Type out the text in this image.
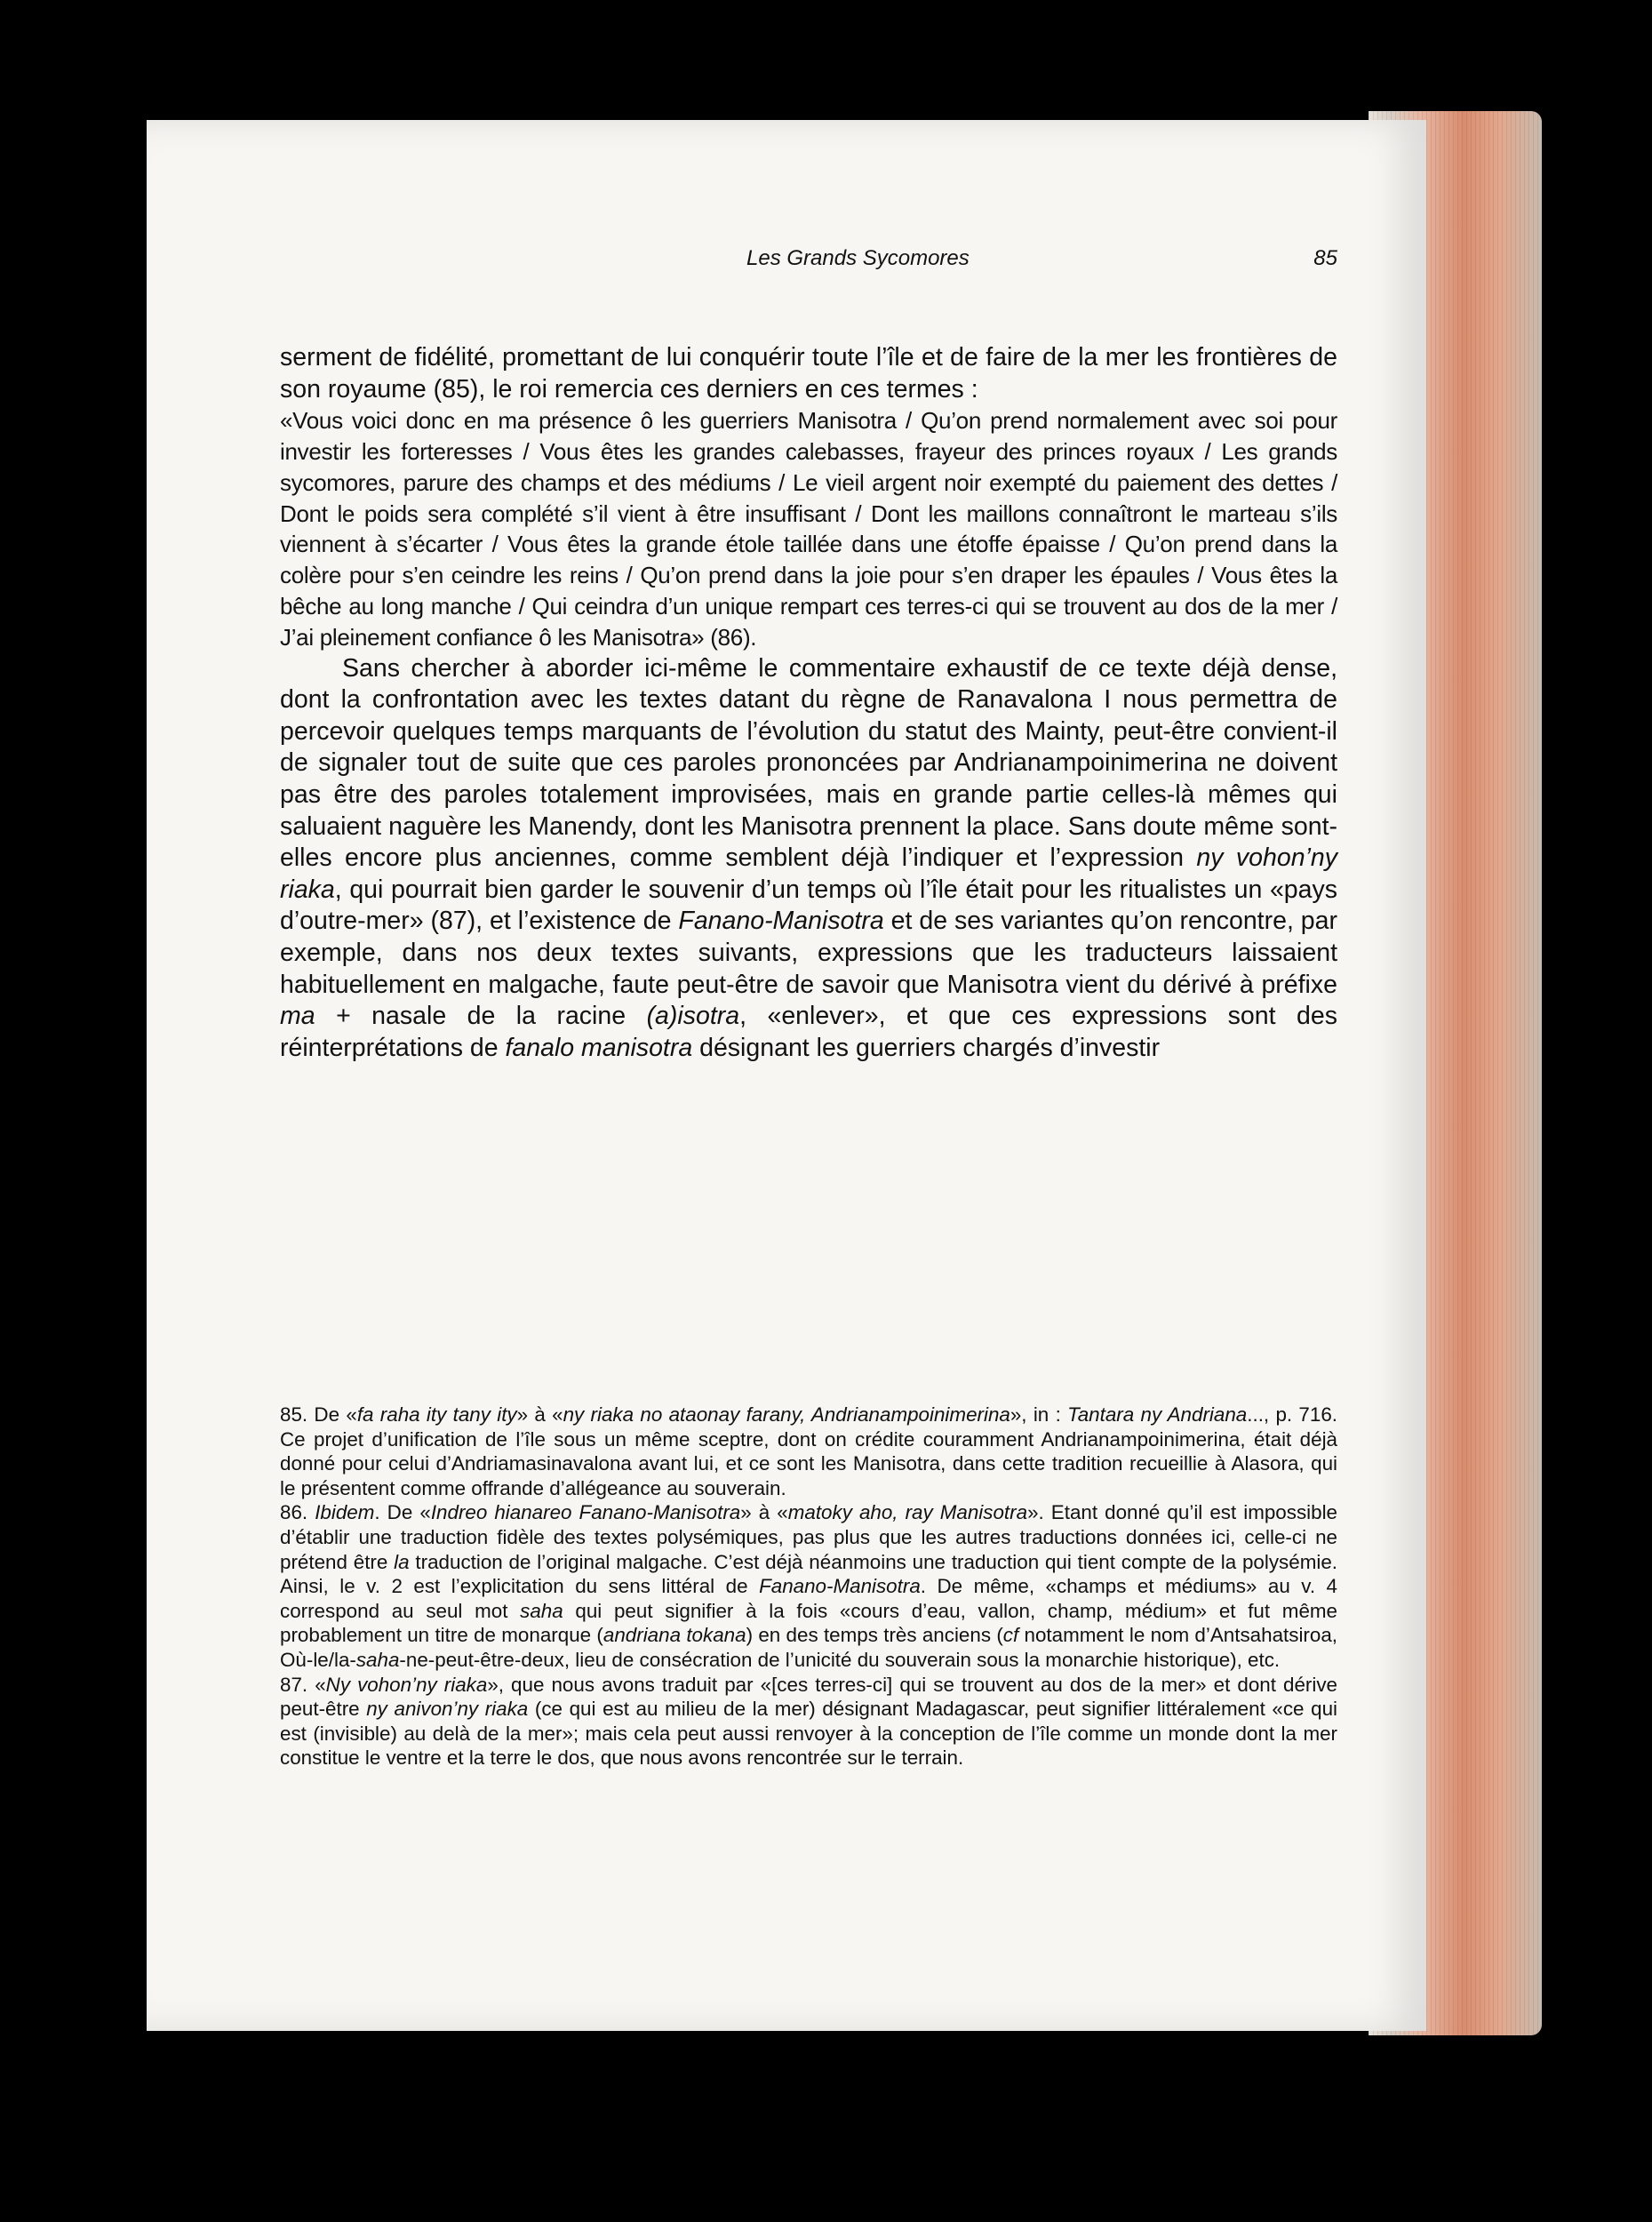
Les Grands Sycomores	85

serment de fidélité, promettant de lui conquérir toute l’île et de faire de la mer les frontières de son royaume (85), le roi remercia ces derniers en ces termes :

«Vous voici donc en ma présence ô les guerriers Manisotra / Qu’on prend normalement avec soi pour investir les forteresses / Vous êtes les grandes calebasses, frayeur des princes royaux / Les grands sycomores, parure des champs et des médiums / Le vieil argent noir exempté du paiement des dettes / Dont le poids sera complété s’il vient à être insuffisant / Dont les maillons connaîtront le marteau s’ils viennent à s’écarter / Vous êtes la grande étole taillée dans une étoffe épaisse / Qu’on prend dans la colère pour s’en ceindre les reins / Qu’on prend dans la joie pour s’en draper les épaules / Vous êtes la bêche au long manche / Qui ceindra d’un unique rempart ces terres-ci qui se trouvent au dos de la mer / J’ai pleinement confiance ô les Manisotra» (86).

Sans chercher à aborder ici-même le commentaire exhaustif de ce texte déjà dense, dont la confrontation avec les textes datant du règne de Ranavalona I nous permettra de percevoir quelques temps marquants de l’évolution du statut des Mainty, peut-être convient-il de signaler tout de suite que ces paroles prononcées par Andrianampoinimerina ne doivent pas être des paroles totalement improvisées, mais en grande partie celles-là mêmes qui saluaient naguère les Manendy, dont les Manisotra prennent la place. Sans doute même sont-elles encore plus anciennes, comme semblent déjà l’indiquer et l’expression ny vohon’ny riaka, qui pourrait bien garder le souvenir d’un temps où l’île était pour les ritualistes un «pays d’outre-mer» (87), et l’existence de Fanano-Manisotra et de ses variantes qu’on rencontre, par exemple, dans nos deux textes suivants, expressions que les traducteurs laissaient habituellement en malgache, faute peut-être de savoir que Manisotra vient du dérivé à préfixe ma + nasale de la racine (a)isotra, «enlever», et que ces expressions sont des réinterprétations de fanalo manisotra désignant les guerriers chargés d’investir

85. De «fa raha ity tany ity» à «ny riaka no ataonay farany, Andrianampoinimerina», in : Tantara ny Andriana..., p. 716. Ce projet d’unification de l’île sous un même sceptre, dont on crédite couramment Andrianampoinimerina, était déjà donné pour celui d’Andriamasinavalona avant lui, et ce sont les Manisotra, dans cette tradition recueillie à Alasora, qui le présentent comme offrande d’allégeance au souverain.

86. Ibidem. De «Indreo hianareo Fanano-Manisotra» à «matoky aho, ray Manisotra». Etant donné qu’il est impossible d’établir une traduction fidèle des textes polysémiques, pas plus que les autres traductions données ici, celle-ci ne prétend être la traduction de l’original malgache. C’est déjà néanmoins une traduction qui tient compte de la polysémie. Ainsi, le v. 2 est l’explicitation du sens littéral de Fanano-Manisotra. De même, «champs et médiums» au v. 4 correspond au seul mot saha qui peut signifier à la fois «cours d’eau, vallon, champ, médium» et fut même probablement un titre de monarque (andriana tokana) en des temps très anciens (cf notamment le nom d’Antsahatsiroa, Où-le/la-saha-ne-peut-être-deux, lieu de consécration de l’unicité du souverain sous la monarchie historique), etc.

87. «Ny vohon’ny riaka», que nous avons traduit par «[ces terres-ci] qui se trouvent au dos de la mer» et dont dérive peut-être ny anivon’ny riaka (ce qui est au milieu de la mer) désignant Madagascar, peut signifier littéralement «ce qui est (invisible) au delà de la mer»; mais cela peut aussi renvoyer à la conception de l’île comme un monde dont la mer constitue le ventre et la terre le dos, que nous avons rencontrée sur le terrain.
